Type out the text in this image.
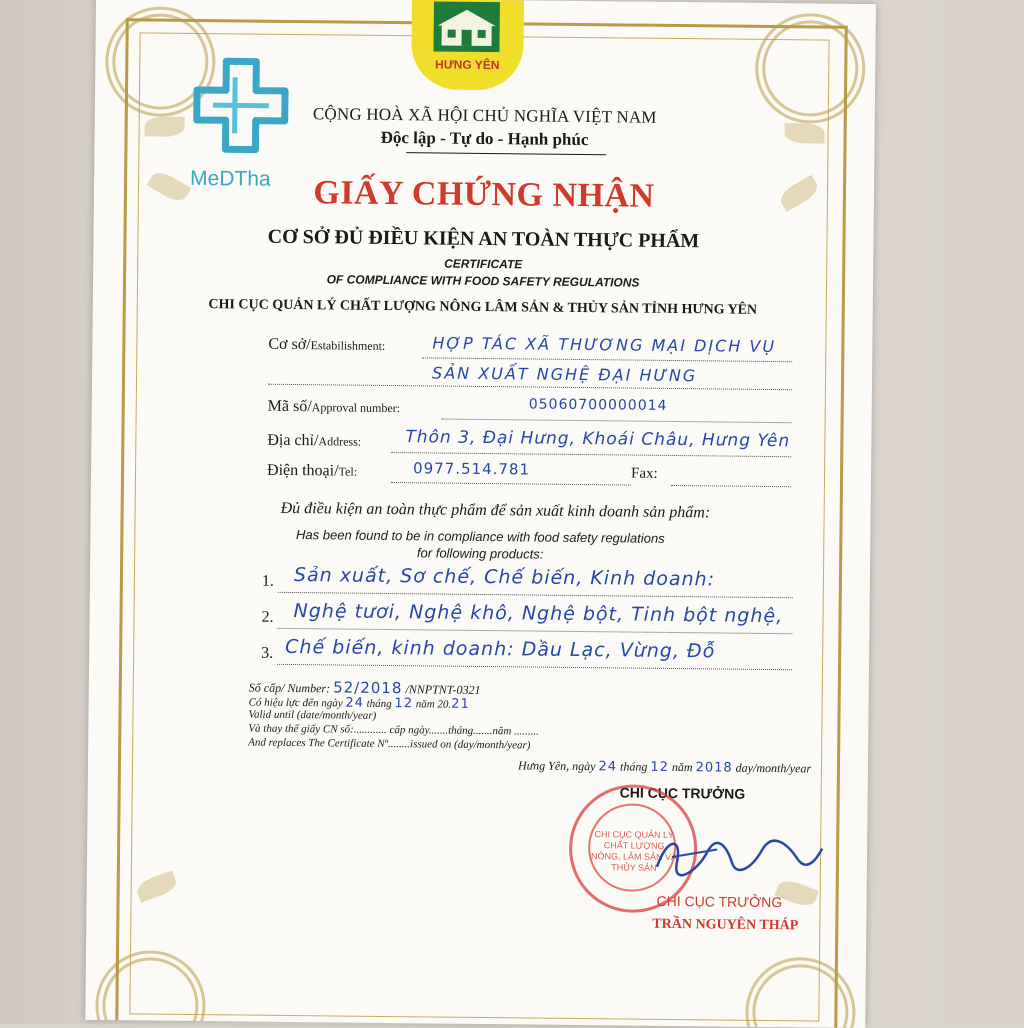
HƯNG YÊN
MeDTha
CỘNG HOÀ XÃ HỘI CHỦ NGHĨA VIỆT NAM
Độc lập - Tự do - Hạnh phúc
GIẤY CHỨNG NHẬN
CƠ SỞ ĐỦ ĐIỀU KIỆN AN TOÀN THỰC PHẨM
CERTIFICATE
OF COMPLIANCE WITH FOOD SAFETY REGULATIONS
CHI CỤC QUẢN LÝ CHẤT LƯỢNG NÔNG LÂM SẢN & THỦY SẢN TỈNH HƯNG YÊN
Cơ sở/Estabilishment:	HỢP TÁC XÃ THƯƠNG MẠI DỊCH VỤ
SẢN XUẤT NGHỆ ĐẠI HƯNG
Mã số/Approval number:	05060700000014
Địa chỉ/Address:	Thôn 3, Đại Hưng, Khoái Châu, Hưng Yên
Điện thoại/Tel:	0977.514.781	Fax:
Đủ điều kiện an toàn thực phẩm để sản xuất kinh doanh sản phẩm:
Has been found to be in compliance with food safety regulations
for following products:
1. Sản xuất, Sơ chế, Chế biến, Kinh doanh:
2. Nghệ tươi, Nghệ khô, Nghệ bột, Tinh bột nghệ,
3. Chế biến, kinh doanh: Dầu Lạc, Vừng, Đỗ
Số cấp/ Number: 52/2018 /NNPTNT-0321
Có hiệu lực đến ngày 24 tháng 12 năm 20.21
Valid until (date/month/year)
Và thay thế giấy CN số:............ cấp ngày.......tháng.......năm .........
And replaces The Certificate Nº........issued on (day/month/year)
Hưng Yên, ngày 24 tháng 12 năm 2018 day/month/year
CHI CỤC TRƯỞNG
CHI CỤC QUẢN LÝ CHẤT LƯỢNG NÔNG, LÂM SẢN VÀ THỦY SẢN
CHI CỤC TRƯỞNG
TRẦN NGUYÊN THÁP
